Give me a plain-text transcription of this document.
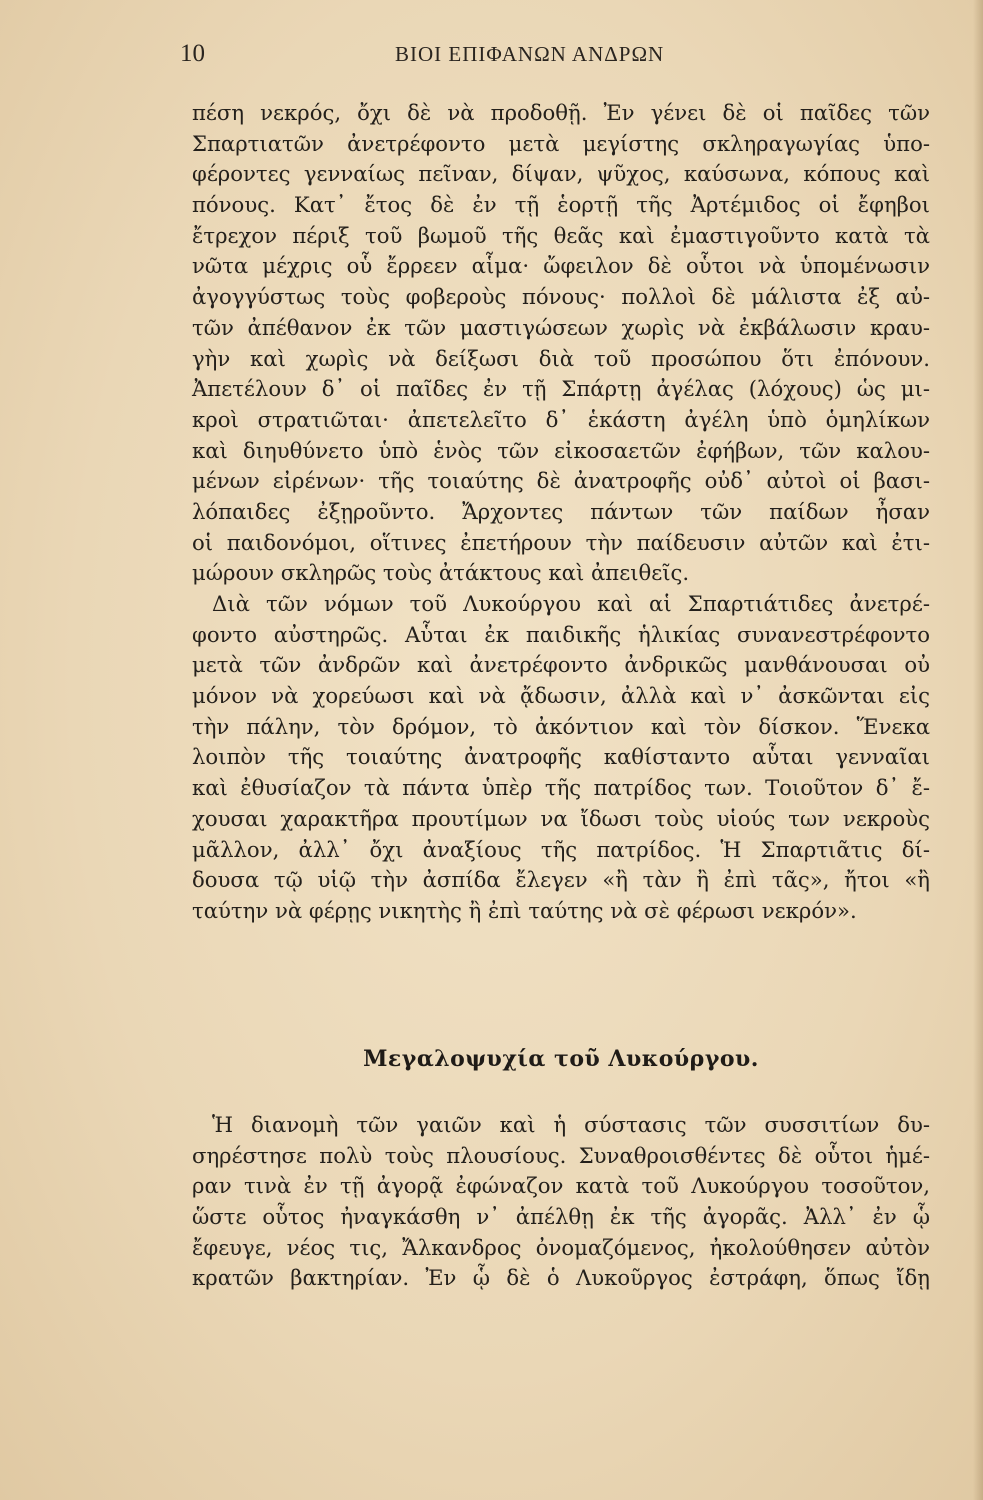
10	ΒΙΟΙ ΕΠΙΦΑΝΩΝ ΑΝΔΡΩΝ
πέση νεκρός, ὄχι δὲ νὰ προδοθῇ. Ἐν γένει δὲ οἱ παῖδες τῶν
Σπαρτιατῶν ἀνετρέφοντο μετὰ μεγίστης σκληραγωγίας ὑπο-
φέροντες γενναίως πεῖναν, δίψαν, ψῦχος, καύσωνα, κόπους καὶ
πόνους. Κατ᾽ ἔτος δὲ ἐν τῇ ἑορτῇ τῆς Ἀρτέμιδος οἱ ἔφηβοι
ἔτρεχον πέριξ τοῦ βωμοῦ τῆς θεᾶς καὶ ἐμαστιγοῦντο κατὰ τὰ
νῶτα μέχρις οὗ ἔρρεεν αἷμα· ὤφειλον δὲ οὗτοι νὰ ὑπομένωσιν
ἀγογγύστως τοὺς φοβεροὺς πόνους· πολλοὶ δὲ μάλιστα ἐξ αὐ-
τῶν ἀπέθανον ἐκ τῶν μαστιγώσεων χωρὶς νὰ ἐκβάλωσιν κραυ-
γὴν καὶ χωρὶς νὰ δείξωσι διὰ τοῦ προσώπου ὅτι ἐπόνουν.
Ἀπετέλουν δ᾽ οἱ παῖδες ἐν τῇ Σπάρτῃ ἀγέλας (λόχους) ὡς μι-
κροὶ στρατιῶται· ἀπετελεῖτο δ᾽ ἑκάστη ἀγέλη ὑπὸ ὁμηλίκων
καὶ διηυθύνετο ὑπὸ ἑνὸς τῶν εἰκοσαετῶν ἐφήβων, τῶν καλου-
μένων εἰρένων· τῆς τοιαύτης δὲ ἀνατροφῆς οὐδ᾽ αὐτοὶ οἱ βασι-
λόπαιδες ἐξῃροῦντο. Ἄρχοντες πάντων τῶν παίδων ἦσαν
οἱ παιδονόμοι, οἵτινες ἐπετήρουν τὴν παίδευσιν αὐτῶν καὶ ἐτι-
μώρουν σκληρῶς τοὺς ἀτάκτους καὶ ἀπειθεῖς.
Διὰ τῶν νόμων τοῦ Λυκούργου καὶ αἱ Σπαρτιάτιδες ἀνετρέ-
φοντο αὐστηρῶς. Αὗται ἐκ παιδικῆς ἡλικίας συνανεστρέφοντο
μετὰ τῶν ἀνδρῶν καὶ ἀνετρέφοντο ἀνδρικῶς μανθάνουσαι οὐ
μόνον νὰ χορεύωσι καὶ νὰ ᾄδωσιν, ἀλλὰ καὶ ν᾽ ἀσκῶνται εἰς
τὴν πάλην, τὸν δρόμον, τὸ ἀκόντιον καὶ τὸν δίσκον. Ἕνεκα
λοιπὸν τῆς τοιαύτης ἀνατροφῆς καθίσταντο αὗται γενναῖαι
καὶ ἐθυσίαζον τὰ πάντα ὑπὲρ τῆς πατρίδος των. Τοιοῦτον δ᾽ ἔ-
χουσαι χαρακτῆρα προυτίμων να ἴδωσι τοὺς υἱούς των νεκροὺς
μᾶλλον, ἀλλ᾽ ὄχι ἀναξίους τῆς πατρίδος. Ἡ Σπαρτιᾶτις δί-
δουσα τῷ υἱῷ τὴν ἀσπίδα ἔλεγεν «ἢ τὰν ἢ ἐπὶ τᾶς», ἤτοι «ἢ
ταύτην νὰ φέρῃς νικητὴς ἢ ἐπὶ ταύτης νὰ σὲ φέρωσι νεκρόν».
Μεγαλοψυχία τοῦ Λυκούργου.
Ἡ διανομὴ τῶν γαιῶν καὶ ἡ σύστασις τῶν συσσιτίων δυ-
σηρέστησε πολὺ τοὺς πλουσίους. Συναθροισθέντες δὲ οὗτοι ἡμέ-
ραν τινὰ ἐν τῇ ἀγορᾷ ἐφώναζον κατὰ τοῦ Λυκούργου τοσοῦτον,
ὥστε οὗτος ἠναγκάσθη ν᾽ ἀπέλθῃ ἐκ τῆς ἀγορᾶς. Ἀλλ᾽ ἐν ᾧ
ἔφευγε, νέος τις, Ἄλκανδρος ὀνομαζόμενος, ἠκολούθησεν αὐτὸν
κρατῶν βακτηρίαν. Ἐν ᾧ δὲ ὁ Λυκοῦργος ἐστράφη, ὅπως ἴδῃ
